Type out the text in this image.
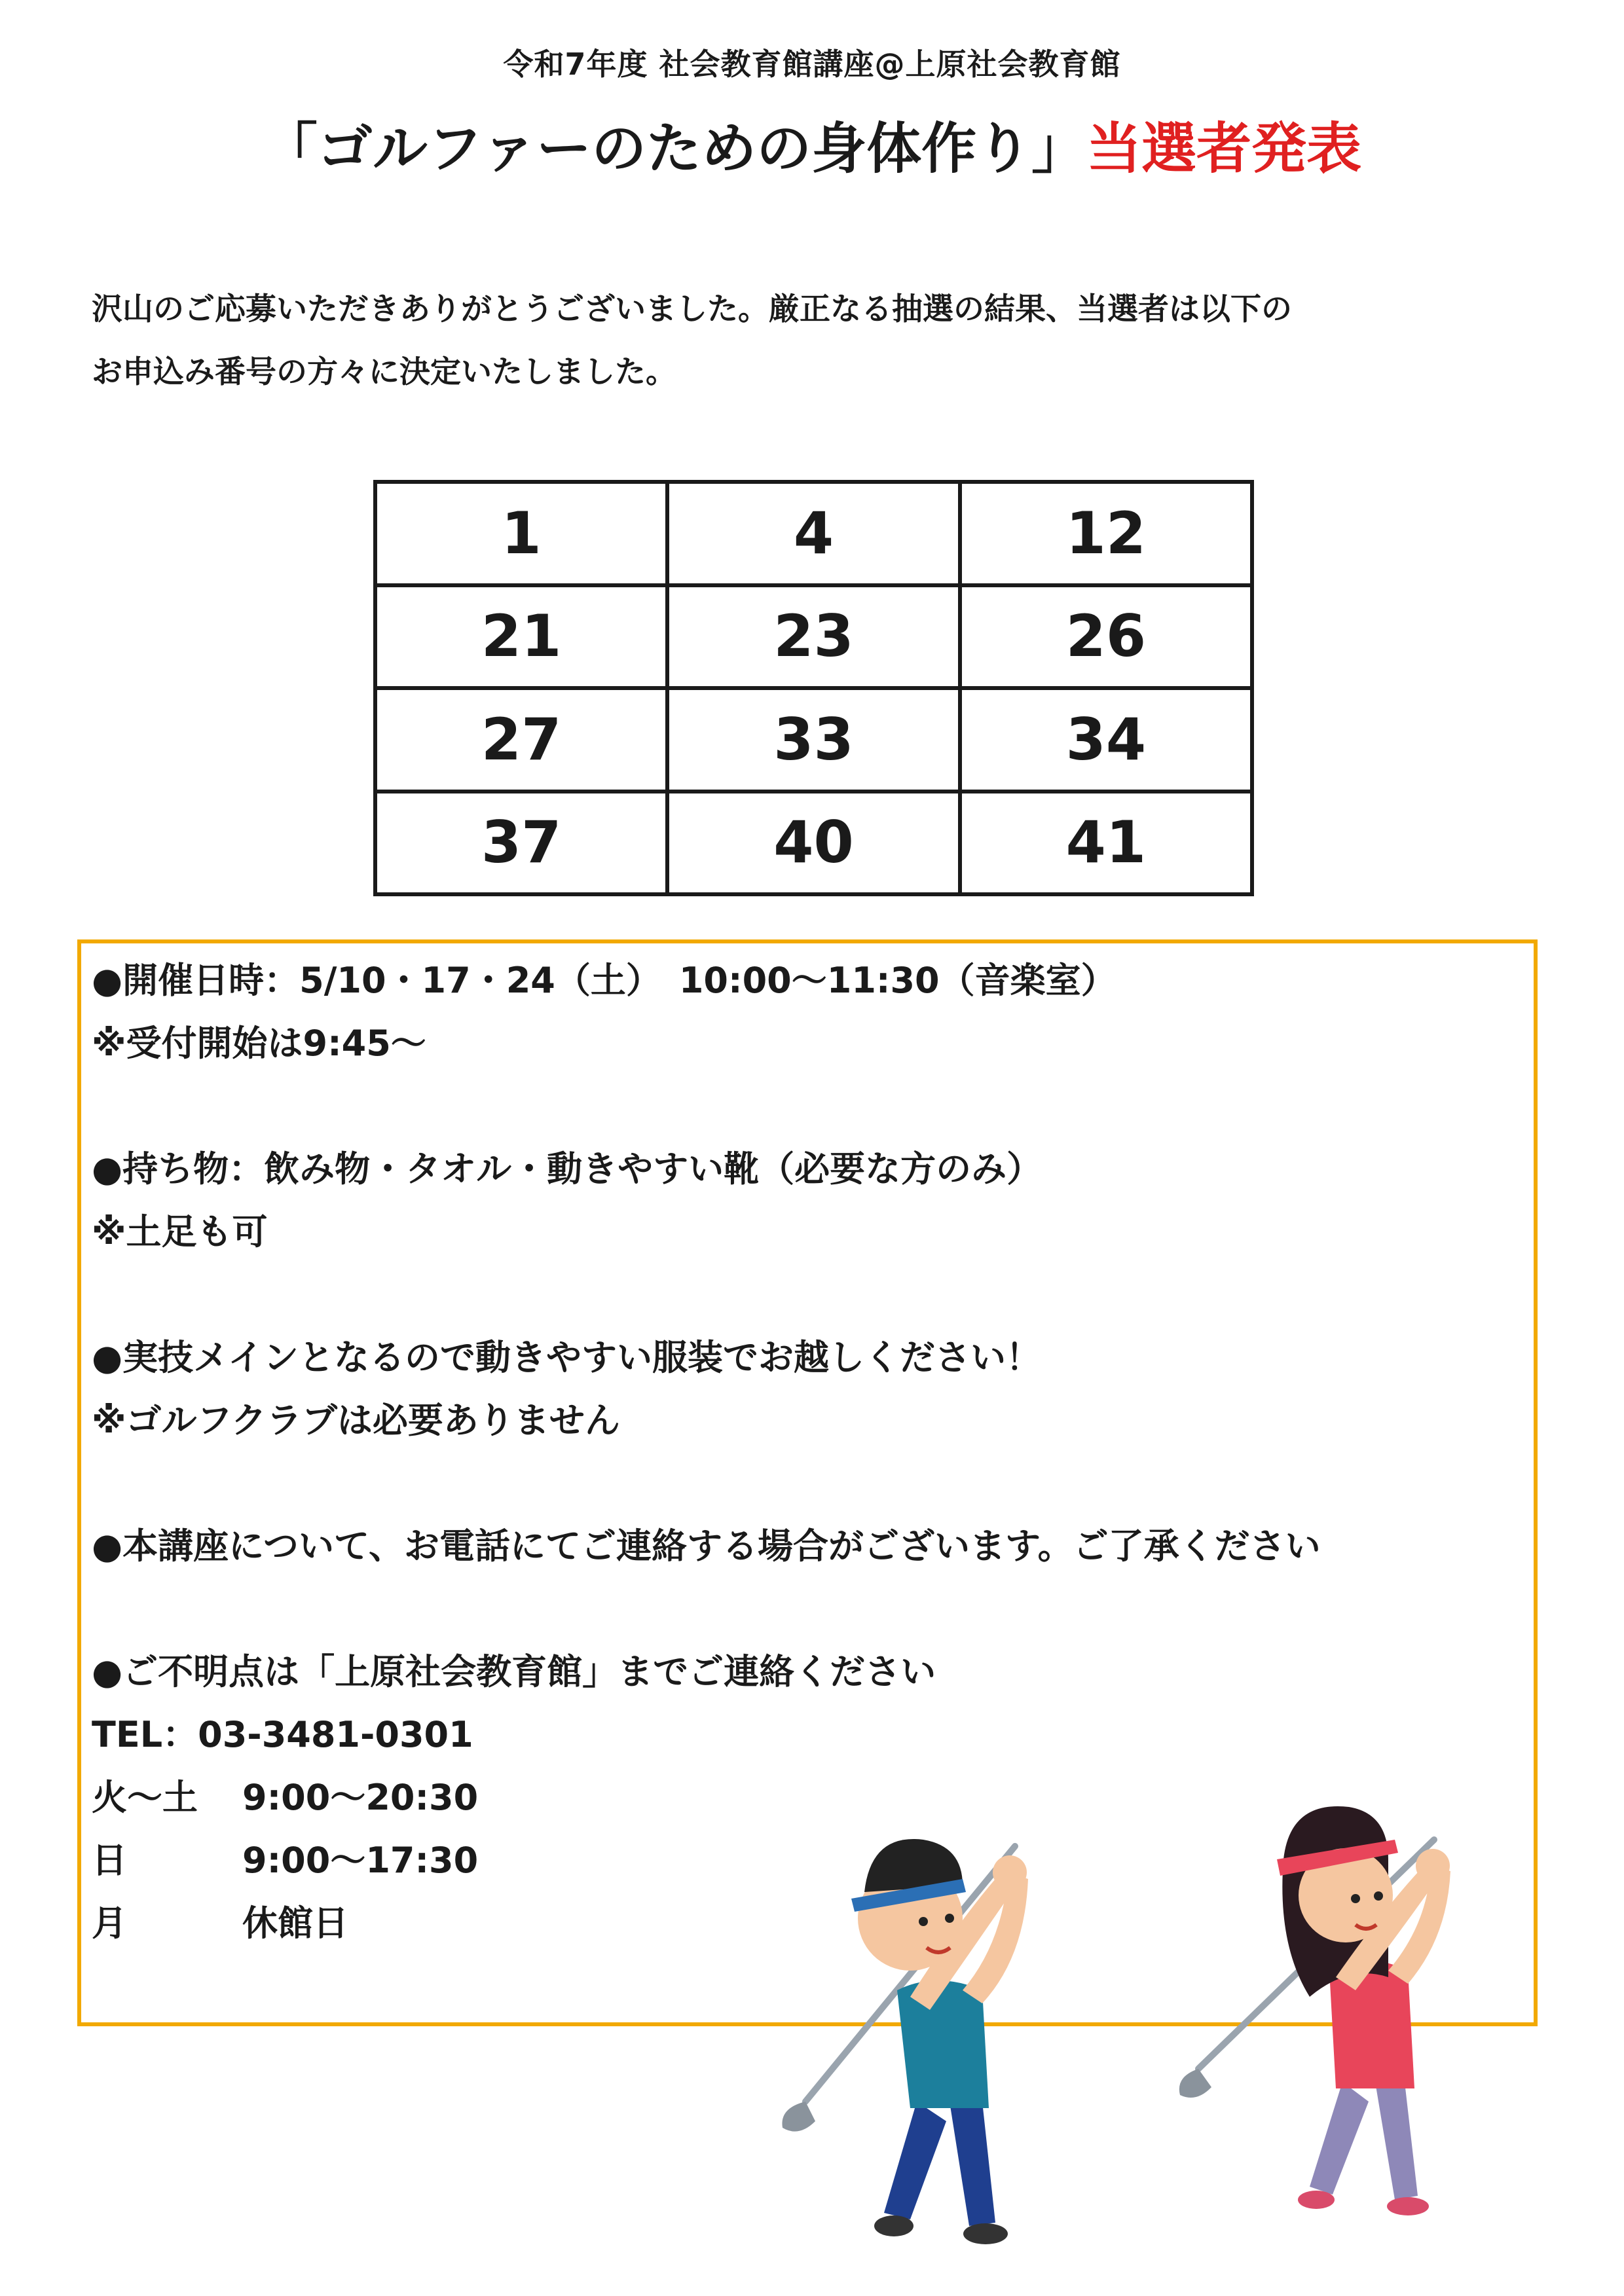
令和7年度 社会教育館講座@上原社会教育館
「ゴルファーのための身体作り」当選者発表

沢山のご応募いただきありがとうございました。厳正なる抽選の結果、当選者は以下の

お申込み番号の方々に決定いたしました。

1	4	12
21	23	26
27	33	34
37	40	41
●開催日時：5/10・17・24（土）　10:00～11:30（音楽室）
※受付開始は9:45～
●持ち物：飲み物・タオル・動きやすい靴（必要な方のみ）
※土足も可
●実技メインとなるので動きやすい服装でお越しください！
※ゴルフクラブは必要ありません
●本講座について、お電話にてご連絡する場合がございます。ご了承ください
●ご不明点は「上原社会教育館」までご連絡ください
TEL：03-3481-0301
火～土	9:00～20:30
日	9:00～17:30
月	休館日
